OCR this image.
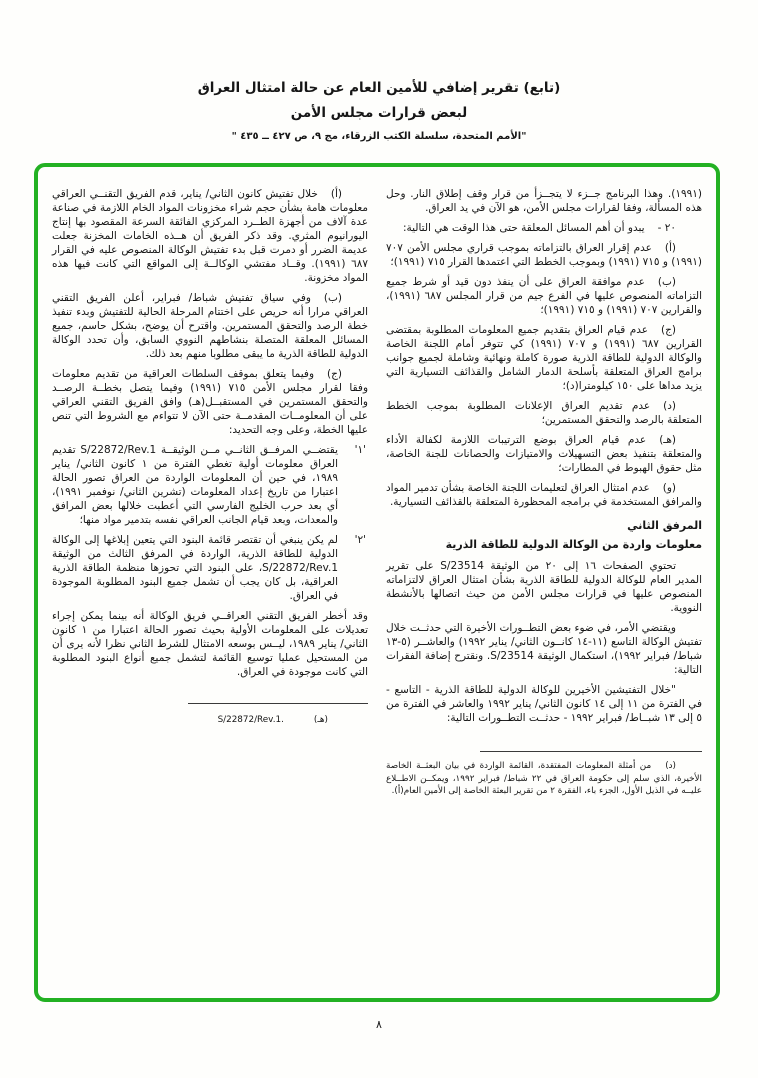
(تابع) تقرير إضافي للأمين العام عن حالة امتثال العراق

لبعض قرارات مجلس الأمن

"الأمم المتحدة، سلسلة الكتب الزرقاء، مج ٩، ص ٤٢٧ ــ ٤٣٥ "

(١٩٩١). وهذا البرنامج جــزء لا يتجــزأ من قرار وقف إطلاق النار. وحل هذه المسألة، وفقا لقرارات مجلس الأمن، هو الآن في يد العراق.

٢٠ -يبدو أن أهم المسائل المعلقة حتى هذا الوقت هي التالية:

(أ)عدم إقرار العراق بالتزاماته بموجب قراري مجلس الأمن ٧٠٧ (١٩٩١) و ٧١٥ (١٩٩١) وبموجب الخطط التي اعتمدها القرار ٧١٥ (١٩٩١)؛

(ب)عدم موافقة العراق على أن ينفذ دون قيد أو شرط جميع التزاماته المنصوص عليها في الفرع جيم من قرار المجلس ٦٨٧ (١٩٩١)، والقرارين ٧٠٧ (١٩٩١) و ٧١٥ (١٩٩١)؛

(ج)عدم قيام العراق بتقديم جميع المعلومات المطلوبة بمقتضى القرارين ٦٨٧ (١٩٩١) و ٧٠٧ (١٩٩١) كي تتوفر أمام اللجنة الخاصة والوكالة الدولية للطاقة الذرية صورة كاملة ونهائية وشاملة لجميع جوانب برامج العراق المتعلقة بأسلحة الدمار الشامل والقذائف التسيارية التي يزيد مداها على ١٥٠ كيلومترا(د)؛

(د)عدم تقديم العراق الإعلانات المطلوبة بموجب الخطط المتعلقة بالرصد والتحقق المستمرين؛

(هـ)عدم قيام العراق بوضع الترتيبات اللازمة لكفالة الأداء والمتعلقة بتنفيذ بعض التسهيلات والامتيازات والحصانات للجنة الخاصة، مثل حقوق الهبوط في المطارات؛

(و)عدم امتثال العراق لتعليمات اللجنة الخاصة بشأن تدمير المواد والمرافق المستخدمة في برامجه المحظورة المتعلقة بالقذائف التسيارية.

المرفق الثاني

معلومات واردة من الوكالة الدولية للطاقة الذرية

تحتوي الصفحات ١٦ إلى ٢٠ من الوثيقة S/23514 على تقرير المدير العام للوكالة الدولية للطاقة الذرية بشأن امتثال العراق لالتزاماته المنصوص عليها في قرارات مجلس الأمن من حيث اتصالها بالأنشطة النووية.

ويقتضي الأمر، في ضوء بعض التطــورات الأخيرة التي حدثــت خلال تفتيش الوكالة التاسع (١١-١٤ كانــون الثاني/ يناير ١٩٩٢) والعاشــر (٥-١٣ شباط/ فبراير ١٩٩٢)، استكمال الوثيقة S/23514. ونقترح إضافة الفقرات التالية:

"خلال التفتيشين الأخيرين للوكالة الدولية للطاقة الذرية - التاسع - في الفترة من ١١ إلى ١٤ كانون الثاني/ يناير ١٩٩٢ والعاشر في الفترة من ٥ إلى ١٣ شبــاط/ فبراير ١٩٩٢ - حدثــت التطــورات التالية:

(د)من أمثلة المعلومات المفتقدة، القائمة الواردة في بيان البعثــة الخاصة الأخيرة، الذي سلم إلى حكومة العراق في ٢٢ شباط/ فبراير ١٩٩٢، ويمكــن الاطــلاع عليــه في الذيل الأول، الجزء باء، الفقرة ٢ من تقرير البعثة الخاصة إلى الأمين العام(أ).

(أ)خلال تفتيش كانون الثاني/ يناير، قدم الفريق التقنــي العراقي معلومات هامة بشأن حجم شراء مخزونات المواد الخام اللازمة في صناعة عدة آلاف من أجهزة الطــرد المركزي الفائقة السرعة المقصود بها إنتاج اليورانيوم المثري. وقد ذكر الفريق أن هــذه الخامات المخزنة جعلت عديمة الضرر أو دمرت قبل بدء تفتيش الوكالة المنصوص عليه في القرار ٦٨٧ (١٩٩١). وقــاد مفتشي الوكالــة إلى المواقع التي كانت فيها هذه المواد مخزونة.

(ب)وفي سياق تفتيش شباط/ فبراير، أعلن الفريق التقني العراقي مرارا أنه حريص على اختتام المرحلة الحالية للتفتيش وبدء تنفيذ خطة الرصد والتحقق المستمرين. واقترح أن يوضح، بشكل حاسم، جميع المسائل المعلقة المتصلة بنشاطهم النووي السابق، وأن تحدد الوكالة الدولية للطاقة الذرية ما يبقى مطلوبا منهم بعد ذلك.

(ج)وفيما يتعلق بموقف السلطات العراقية من تقديم معلومات وفقا لقرار مجلس الأمن ٧١٥ (١٩٩١) وفيما يتصل بخطــة الرصــد والتحقق المستمرين في المستقبــل(هـ) وافق الفريق التقني العراقي على أن المعلومــات المقدمــة حتى الآن لا تتواءم مع الشروط التي تنص عليها الخطة، وعلى وجه التحديد:

'١'
يقتضــي المرفــق الثانــي مــن الوثيقــة S/22872/Rev.1 تقديم العراق معلومات أولية تغطي الفترة من ١ كانون الثاني/ يناير ١٩٨٩، في حين أن المعلومات الواردة من العراق تصور الحالة اعتبارا من تاريخ إعداد المعلومات (تشرين الثاني/ نوفمبر ١٩٩١)، أي بعد حرب الخليج الفارسي التي أعطبت خلالها بعض المرافق والمعدات، وبعد قيام الجانب العراقي نفسه بتدمير مواد منها؛

'٢'
لم يكن ينبغي أن تقتصر قائمة البنود التي يتعين إبلاغها إلى الوكالة الدولية للطاقة الذرية، الواردة في المرفق الثالث من الوثيقة S/22872/Rev.1، على البنود التي تحوزها منظمة الطاقة الذرية العراقية، بل كان يجب أن تشمل جميع البنود المطلوبة الموجودة في العراق.

وقد أخطر الفريق التقني العراقــي فريق الوكالة أنه بينما يمكن إجراء تعديلات على المعلومات الأولية بحيث تصور الحالة اعتبارا من ١ كانون الثاني/ يناير ١٩٨٩، ليــس بوسعه الامتثال للشرط الثاني نظرا لأنه يرى أن من المستحيل عمليا توسيع القائمة لتشمل جميع أنواع البنود المطلوبة التي كانت موجودة في العراق.

(هـ)S/22872/Rev.1.

٨
